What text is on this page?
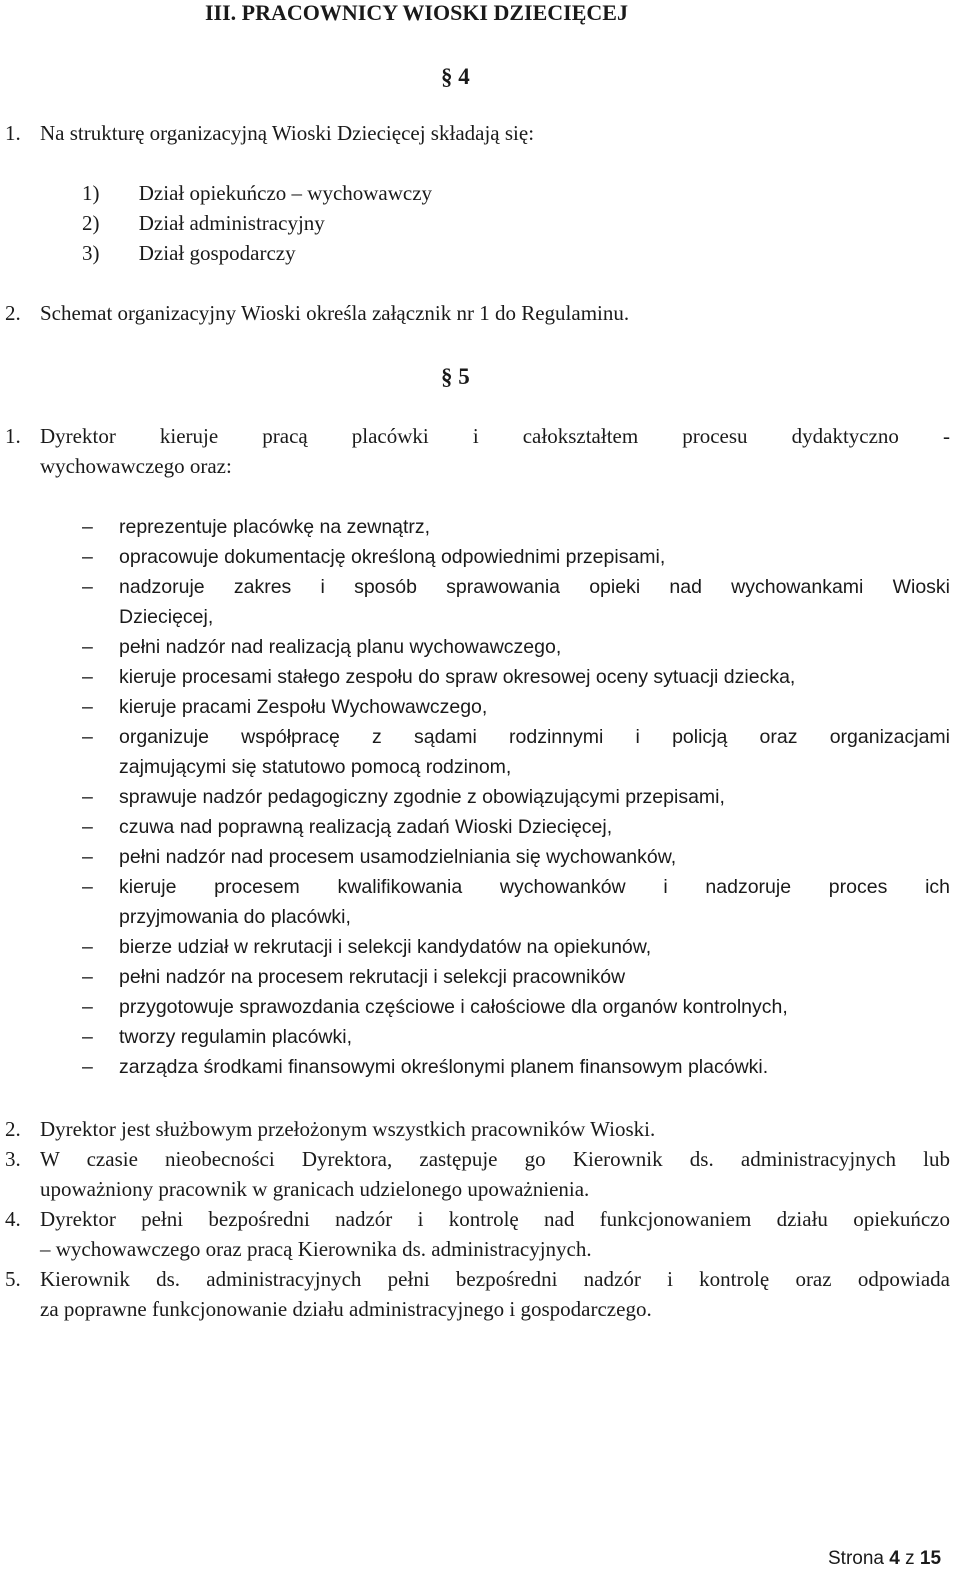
III. PRACOWNICY WIOSKI DZIECIĘCEJ
§ 4
1. Na strukturę organizacyjną Wioski Dziecięcej składają się:
1) Dział opiekuńczo – wychowawczy
2) Dział administracyjny
3) Dział gospodarczy
2. Schemat organizacyjny Wioski określa załącznik nr 1 do Regulaminu.
§ 5
1. Dyrektor kieruje pracą placówki i całokształtem procesu dydaktyczno -
wychowawczego oraz:
– reprezentuje placówkę na zewnątrz,
– opracowuje dokumentację określoną odpowiednimi przepisami,
– nadzoruje zakres i sposób sprawowania opieki nad wychowankami Wioski
Dziecięcej,
– pełni nadzór nad realizacją planu wychowawczego,
– kieruje procesami stałego zespołu do spraw okresowej oceny sytuacji dziecka,
– kieruje pracami Zespołu Wychowawczego,
– organizuje współpracę z sądami rodzinnymi i policją oraz organizacjami
zajmującymi się statutowo pomocą rodzinom,
– sprawuje nadzór pedagogiczny zgodnie z obowiązującymi przepisami,
– czuwa nad poprawną realizacją zadań Wioski Dziecięcej,
– pełni nadzór nad procesem usamodzielniania się wychowanków,
– kieruje procesem kwalifikowania wychowanków i nadzoruje proces ich
przyjmowania do placówki,
– bierze udział w rekrutacji i selekcji kandydatów na opiekunów,
– pełni nadzór na procesem rekrutacji i selekcji pracowników
– przygotowuje sprawozdania częściowe i całościowe dla organów kontrolnych,
– tworzy regulamin placówki,
– zarządza środkami finansowymi określonymi planem finansowym placówki.
2. Dyrektor jest służbowym przełożonym wszystkich pracowników Wioski.
3. W czasie nieobecności Dyrektora, zastępuje go Kierownik ds. administracyjnych lub
upoważniony pracownik w granicach udzielonego upoważnienia.
4. Dyrektor pełni bezpośredni nadzór i kontrolę nad funkcjonowaniem działu opiekuńczo
– wychowawczego oraz pracą Kierownika ds. administracyjnych.
5. Kierownik ds. administracyjnych pełni bezpośredni nadzór i kontrolę oraz odpowiada
za poprawne funkcjonowanie działu administracyjnego i gospodarczego.
Strona 4 z 15
